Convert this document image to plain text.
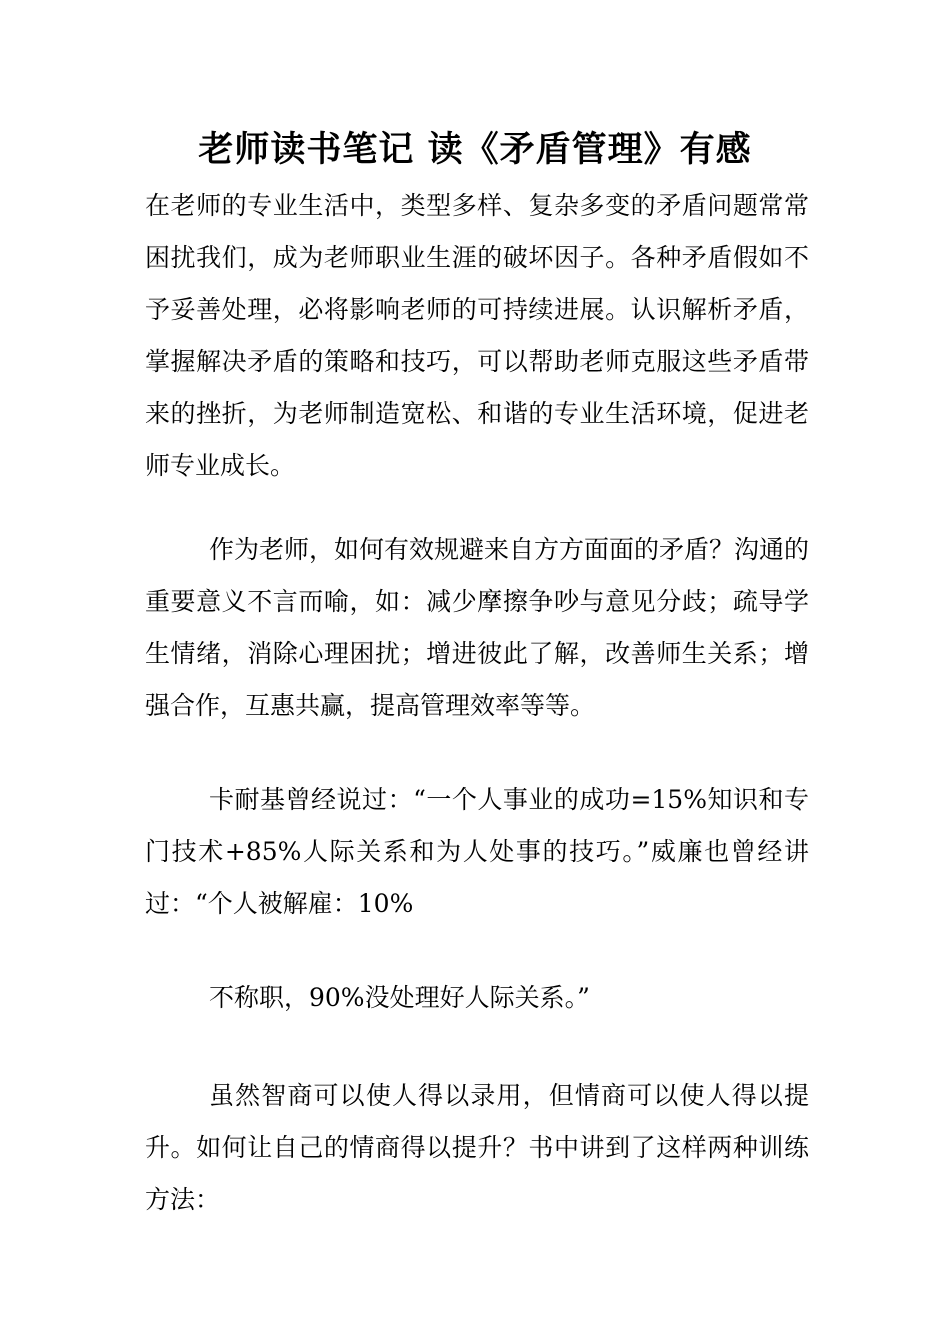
老师读书笔记 读《矛盾管理》有感

在老师的专业生活中，类型多样、复杂多变的矛盾问题常常困扰我们，成为老师职业生涯的破坏因子。各种矛盾假如不予妥善处理，必将影响老师的可持续进展。认识解析矛盾，掌握解决矛盾的策略和技巧，可以帮助老师克服这些矛盾带来的挫折，为老师制造宽松、和谐的专业生活环境，促进老师专业成长。

作为老师，如何有效规避来自方方面面的矛盾？沟通的重要意义不言而喻，如：减少摩擦争吵与意见分歧；疏导学生情绪，消除心理困扰；增进彼此了解，改善师生关系；增强合作，互惠共赢，提高管理效率等等。

卡耐基曾经说过：“一个人事业的成功=15%知识和专门技术+85%人际关系和为人处事的技巧。”威廉也曾经讲过：“个人被解雇：10%

不称职，90%没处理好人际关系。”

虽然智商可以使人得以录用，但情商可以使人得以提升。如何让自己的情商得以提升？书中讲到了这样两种训练方法：
